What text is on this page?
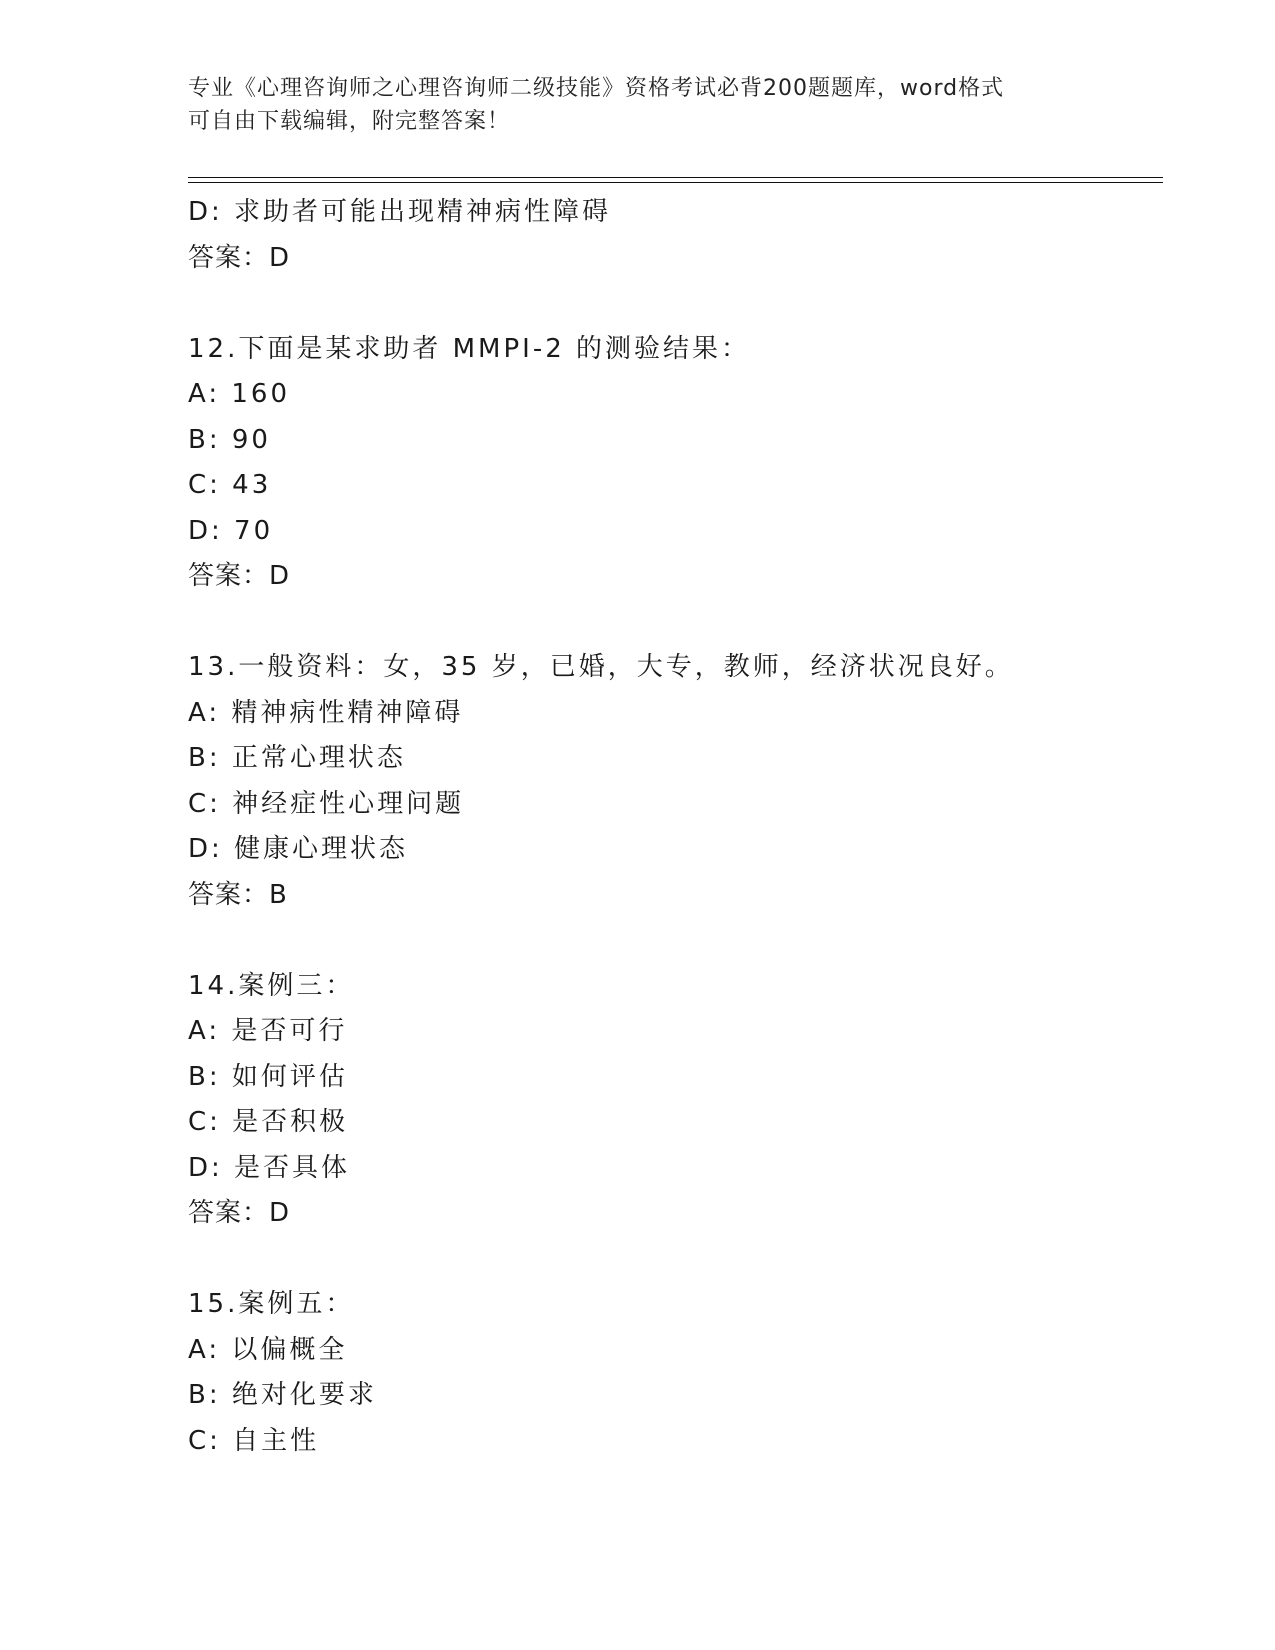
专业《心理咨询师之心理咨询师二级技能》资格考试必背200题题库，word格式
可自由下载编辑，附完整答案！
D: 求助者可能出现精神病性障碍
答案：D
12.下面是某求助者 MMPI-2 的测验结果：
A: 160
B: 90
C: 43
D: 70
答案：D
13.一般资料：女，35 岁，已婚，大专，教师，经济状况良好。
A: 精神病性精神障碍
B: 正常心理状态
C: 神经症性心理问题
D: 健康心理状态
答案：B
14.案例三：
A: 是否可行
B: 如何评估
C: 是否积极
D: 是否具体
答案：D
15.案例五：
A: 以偏概全
B: 绝对化要求
C: 自主性
